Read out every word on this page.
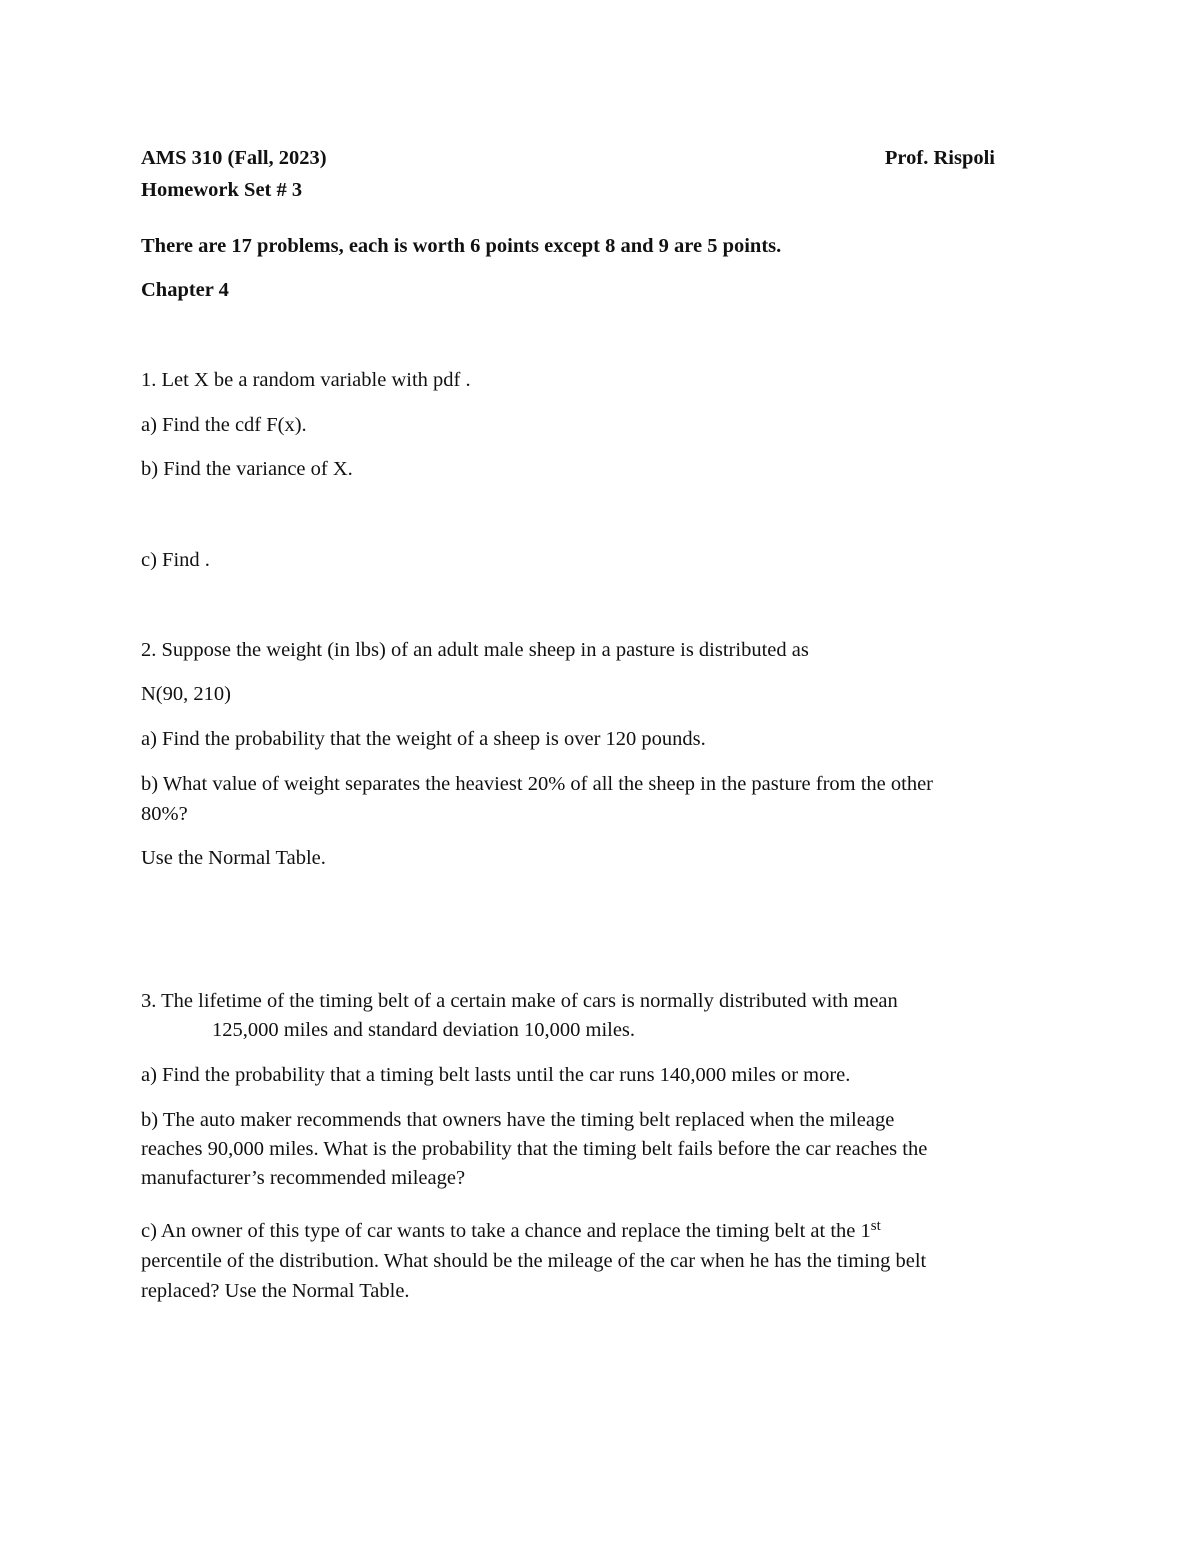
AMS 310 (Fall, 2023)	Prof. Rispoli
Homework Set # 3
There are 17 problems, each is worth 6 points except 8 and 9 are 5 points.
Chapter 4
1. Let X be a random variable with pdf .
a) Find the cdf F(x).
b) Find the variance of X.
c) Find .
2. Suppose the weight (in lbs) of an adult male sheep in a pasture is distributed as
N(90, 210)
a) Find the probability that the weight of a sheep is over 120 pounds.
b) What value of weight separates the heaviest 20% of all the sheep in the pasture from the other
80%?
Use the Normal Table.
3. The lifetime of the timing belt of a certain make of cars is normally distributed with mean
125,000 miles and standard deviation 10,000 miles.
a) Find the probability that a timing belt lasts until the car runs 140,000 miles or more.
b) The auto maker recommends that owners have the timing belt replaced when the mileage
reaches 90,000 miles. What is the probability that the timing belt fails before the car reaches the
manufacturer’s recommended mileage?
c) An owner of this type of car wants to take a chance and replace the timing belt at the 1st
percentile of the distribution. What should be the mileage of the car when he has the timing belt
replaced? Use the Normal Table.
